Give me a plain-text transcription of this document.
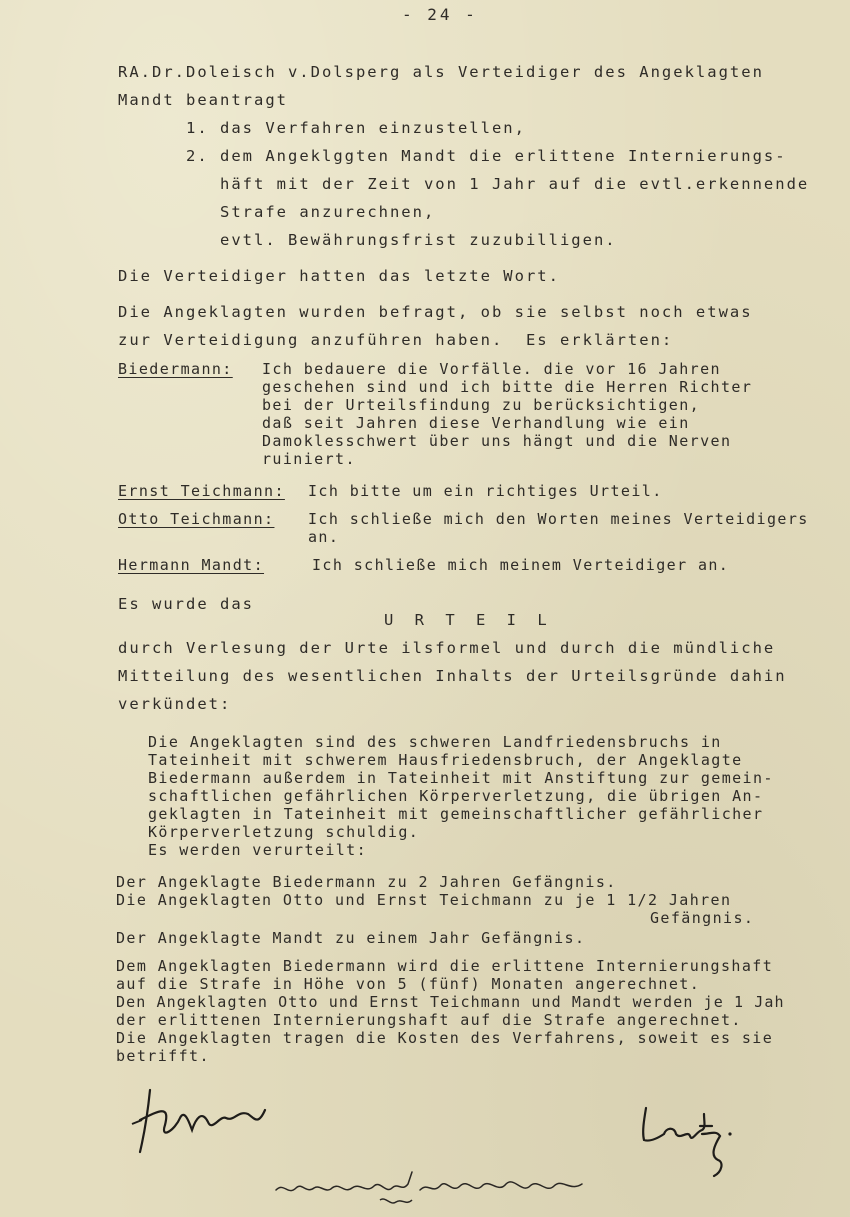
- 24 -
RA.Dr.Doleisch v.Dolsperg als Verteidiger des Angeklagten
Mandt beantragt
1. das Verfahren einzustellen,
2. dem Angeklggten Mandt die erlittene Internierungs-
häft mit der Zeit von 1 Jahr auf die evtl.erkennende
Strafe anzurechnen,
evtl. Bewährungsfrist zuzubilligen.
Die Verteidiger hatten das letzte Wort.
Die Angeklagten wurden befragt, ob sie selbst noch etwas
zur Verteidigung anzuführen haben.  Es erklärten:
Biedermann: Ich bedauere die Vorfälle. die vor 16 Jahren
geschehen sind und ich bitte die Herren Richter
bei der Urteilsfindung zu berücksichtigen,
daß seit Jahren diese Verhandlung wie ein
Damoklesschwert über uns hängt und die Nerven
ruiniert.
Ernst Teichmann: Ich bitte um ein richtiges Urteil.
Otto Teichmann: Ich schließe mich den Worten meines Verteidigers
an.
Hermann Mandt:	Ich schließe mich meinem Verteidiger an.
Es wurde das
U R T E I L
durch Verlesung der Urte ilsformel und durch die mündliche
Mitteilung des wesentlichen Inhalts der Urteilsgründe dahin
verkündet:
Die Angeklagten sind des schweren Landfriedensbruchs in
Tateinheit mit schwerem Hausfriedensbruch, der Angeklagte
Biedermann außerdem in Tateinheit mit Anstiftung zur gemein-
schaftlichen gefährlichen Körperverletzung, die übrigen An-
geklagten in Tateinheit mit gemeinschaftlicher gefährlicher
Körperverletzung schuldig.
Es werden verurteilt:
Der Angeklagte Biedermann zu 2 Jahren Gefängnis.
Die Angeklagten Otto und Ernst Teichmann zu je 1 1/2 Jahren
Gefängnis.
Der Angeklagte Mandt zu einem Jahr Gefängnis.
Dem Angeklagten Biedermann wird die erlittene Internierungshaft
auf die Strafe in Höhe von 5 (fünf) Monaten angerechnet.
Den Angeklagten Otto und Ernst Teichmann und Mandt werden je 1 Jah
der erlittenen Internierungshaft auf die Strafe angerechnet.
Die Angeklagten tragen die Kosten des Verfahrens, soweit es sie
betrifft.
